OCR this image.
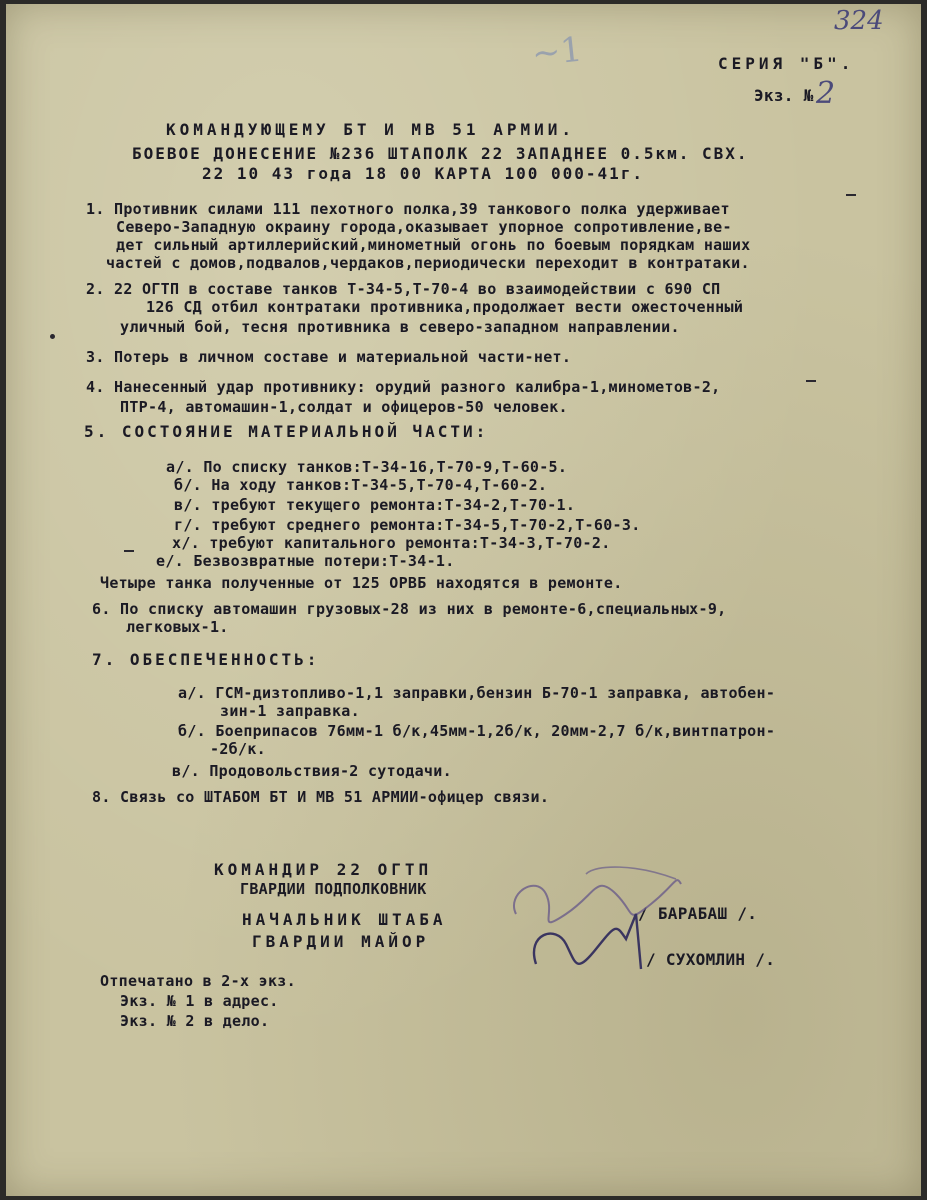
324
~1	СЕРИЯ "Б".
Экз. № 2
КОМАНДУЮЩЕМУ БТ И МВ 51 АРМИИ.
БОЕВОЕ ДОНЕСЕНИЕ №236 ШТАПОЛК 22 ЗАПАДНЕЕ 0.5км. СВХ.
22 10 43 года 18 00 КАРТА 100 000-41г.
1. Противник силами 111 пехотного полка,39 танкового полка удерживает
Северо-Западную окраину города,оказывает упорное сопротивление,ве-
дет сильный артиллерийский,минометный огонь по боевым порядкам наших
частей с домов,подвалов,чердаков,периодически переходит в контратаки.
2. 22 ОГТП в составе танков Т-34-5,Т-70-4 во взаимодействии с 690 СП
126 СД отбил контратаки противника,продолжает вести ожесточенный
уличный бой, тесня противника в северо-западном направлении.
3. Потерь в личном составе и материальной части-нет.
4. Нанесенный удар противнику: орудий разного калибра-1,минометов-2,
ПТР-4, автомашин-1,солдат и офицеров-50 человек.
5. СОСТОЯНИЕ МАТЕРИАЛЬНОЙ ЧАСТИ:
а/. По списку танков:Т-34-16,Т-70-9,Т-60-5.
б/. На ходу танков:Т-34-5,Т-70-4,Т-60-2.
в/. требуют текущего ремонта:Т-34-2,Т-70-1.
г/. требуют среднего ремонта:Т-34-5,Т-70-2,Т-60-3.
х/. требуют капитального ремонта:Т-34-3,Т-70-2.
е/. Безвозвратные потери:Т-34-1.
Четыре танка полученные от 125 ОРВБ находятся в ремонте.
6. По списку автомашин грузовых-28 из них в ремонте-6,специальных-9,
легковых-1.
7. ОБЕСПЕЧЕННОСТЬ:
а/. ГСМ-дизтопливо-1,1 заправки,бензин Б-70-1 заправка, автобен-
зин-1 заправка.
б/. Боеприпасов 76мм-1 б/к,45мм-1,2б/к, 20мм-2,7 б/к,винтпатрон-
-2б/к.
в/. Продовольствия-2 сутодачи.
8. Связь со ШТАБОМ БТ И МВ 51 АРМИИ-офицер связи.
КОМАНДИР 22 ОГТП
ГВАРДИИ ПОДПОЛКОВНИК
НАЧАЛЬНИК ШТАБА
ГВАРДИИ МАЙОР
/ БАРАБАШ /.
/ СУХОМЛИН /.
Отпечатано в 2-х экз.
Экз. № 1 в адрес.
Экз. № 2 в дело.
